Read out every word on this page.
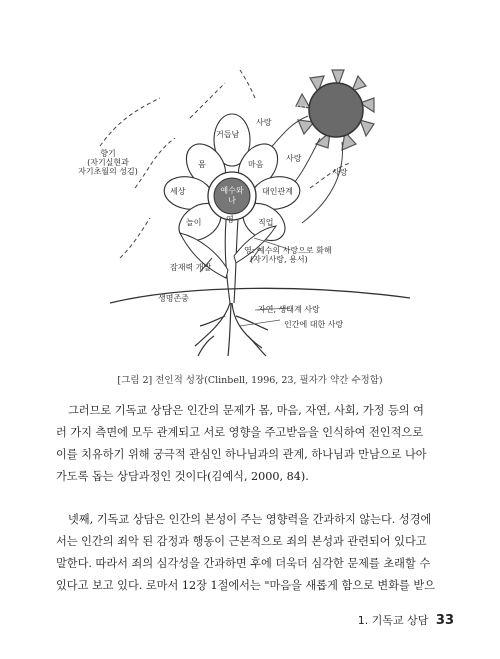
하나님
사랑
사랑
사랑
거듭남
몸	마음
세상	대인관계
놀이	직업
예수와
나
영
향기
(자기실현과
자기초월의 성김)
영: 예수의 사랑으로 화해
(자기사랑, 용서)
잠재력 개발
생명존중
자연, 생태계 사랑
인간에 대한 사랑
[그림 2] 전인적 성장(Clinbell, 1996, 23, 필자가 약간 수정함)

그러므로 기독교 상담은 인간의 문제가 몸, 마음, 자연, 사회, 가정 등의 여
러 가지 측면에 모두 관계되고 서로 영향을 주고받음을 인식하여 전인적으로
이를 치유하기 위해 궁극적 관심인 하나님과의 관계, 하나님과 만남으로 나아
가도록 돕는 상담과정인 것이다(김예식, 2000, 84).

넷째, 기독교 상담은 인간의 본성이 주는 영향력을 간과하지 않는다. 성경에
서는 인간의 죄악 된 감정과 행동이 근본적으로 죄의 본성과 관련되어 있다고
말한다. 따라서 죄의 심각성을 간과하면 후에 더욱더 심각한 문제를 초래할 수
있다고 보고 있다. 로마서 12장 1절에서는 "마음을 새롭게 함으로 변화를 받으

1. 기독교 상담 33
